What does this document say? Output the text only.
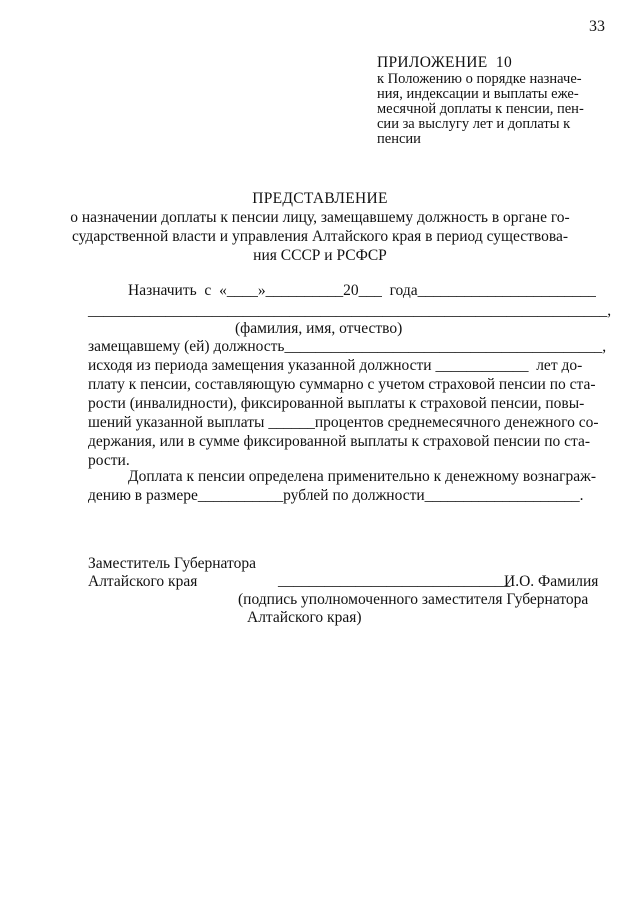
33
ПРИЛОЖЕНИЕ  10
к Положению о порядке назначе-
ния, индексации и выплаты еже-
месячной доплаты к пенсии, пен-
сии за выслугу лет и доплаты к
пенсии
ПРЕДСТАВЛЕНИЕ
о назначении доплаты к пенсии лицу, замещавшему должность в органе го-
сударственной власти и управления Алтайского края в период существова-
ния СССР и РСФСР
Назначить  с  «____»__________20___  года_______________________
___________________________________________________________________,
(фамилия, имя, отчество)
замещавшему (ей) должность_________________________________________,
исходя из периода замещения указанной должности ____________  лет до-
плату к пенсии, составляющую суммарно с учетом страховой пенсии по ста-
рости (инвалидности), фиксированной выплаты к страховой пенсии, повы-
шений указанной выплаты ______процентов среднемесячного денежного со-
держания, или в сумме фиксированной выплаты к страховой пенсии по ста-
рости.
Доплата к пенсии определена применительно к денежному вознаграж-
дению в размере___________рублей по должности____________________.
Заместитель Губернатора
Алтайского края	______________________________
И.О. Фамилия
(подпись уполномоченного заместителя Губернатора
Алтайского края)
